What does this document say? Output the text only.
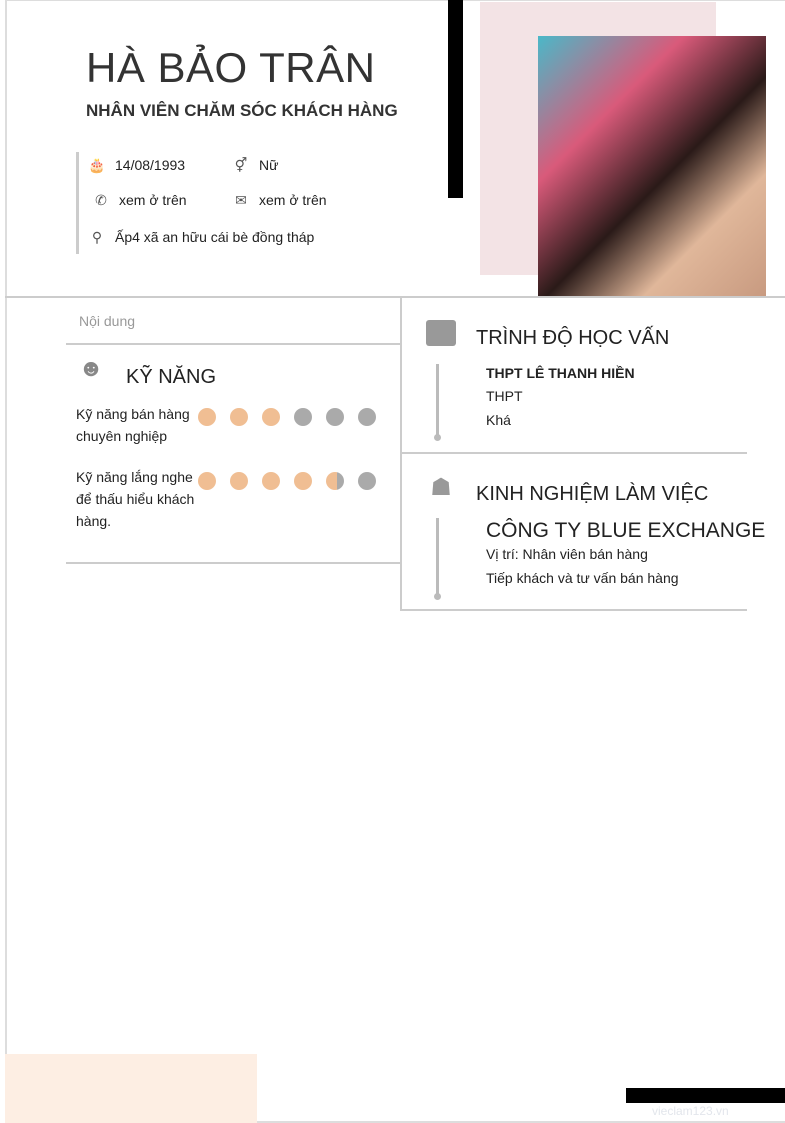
HÀ BẢO TRÂN
NHÂN VIÊN CHĂM SÓC KHÁCH HÀNG
🎂 14/08/1993	⚥ Nữ
✆ xem ở trên	✉ xem ở trên
⚲ Ấp4 xã an hữu cái bè đồng tháp
Nội dung
☻ KỸ NĂNG
Kỹ năng bán hàng chuyên nghiệp
Kỹ năng lắng nghe để thấu hiểu khách hàng.
TRÌNH ĐỘ HỌC VẤN
THPT LÊ THANH HIỀN
THPT
Khá
☗ KINH NGHIỆM LÀM VIỆC
CÔNG TY BLUE EXCHANGE
Vị trí: Nhân viên bán hàng
Tiếp khách và tư vấn bán hàng
vieclam123.vn
